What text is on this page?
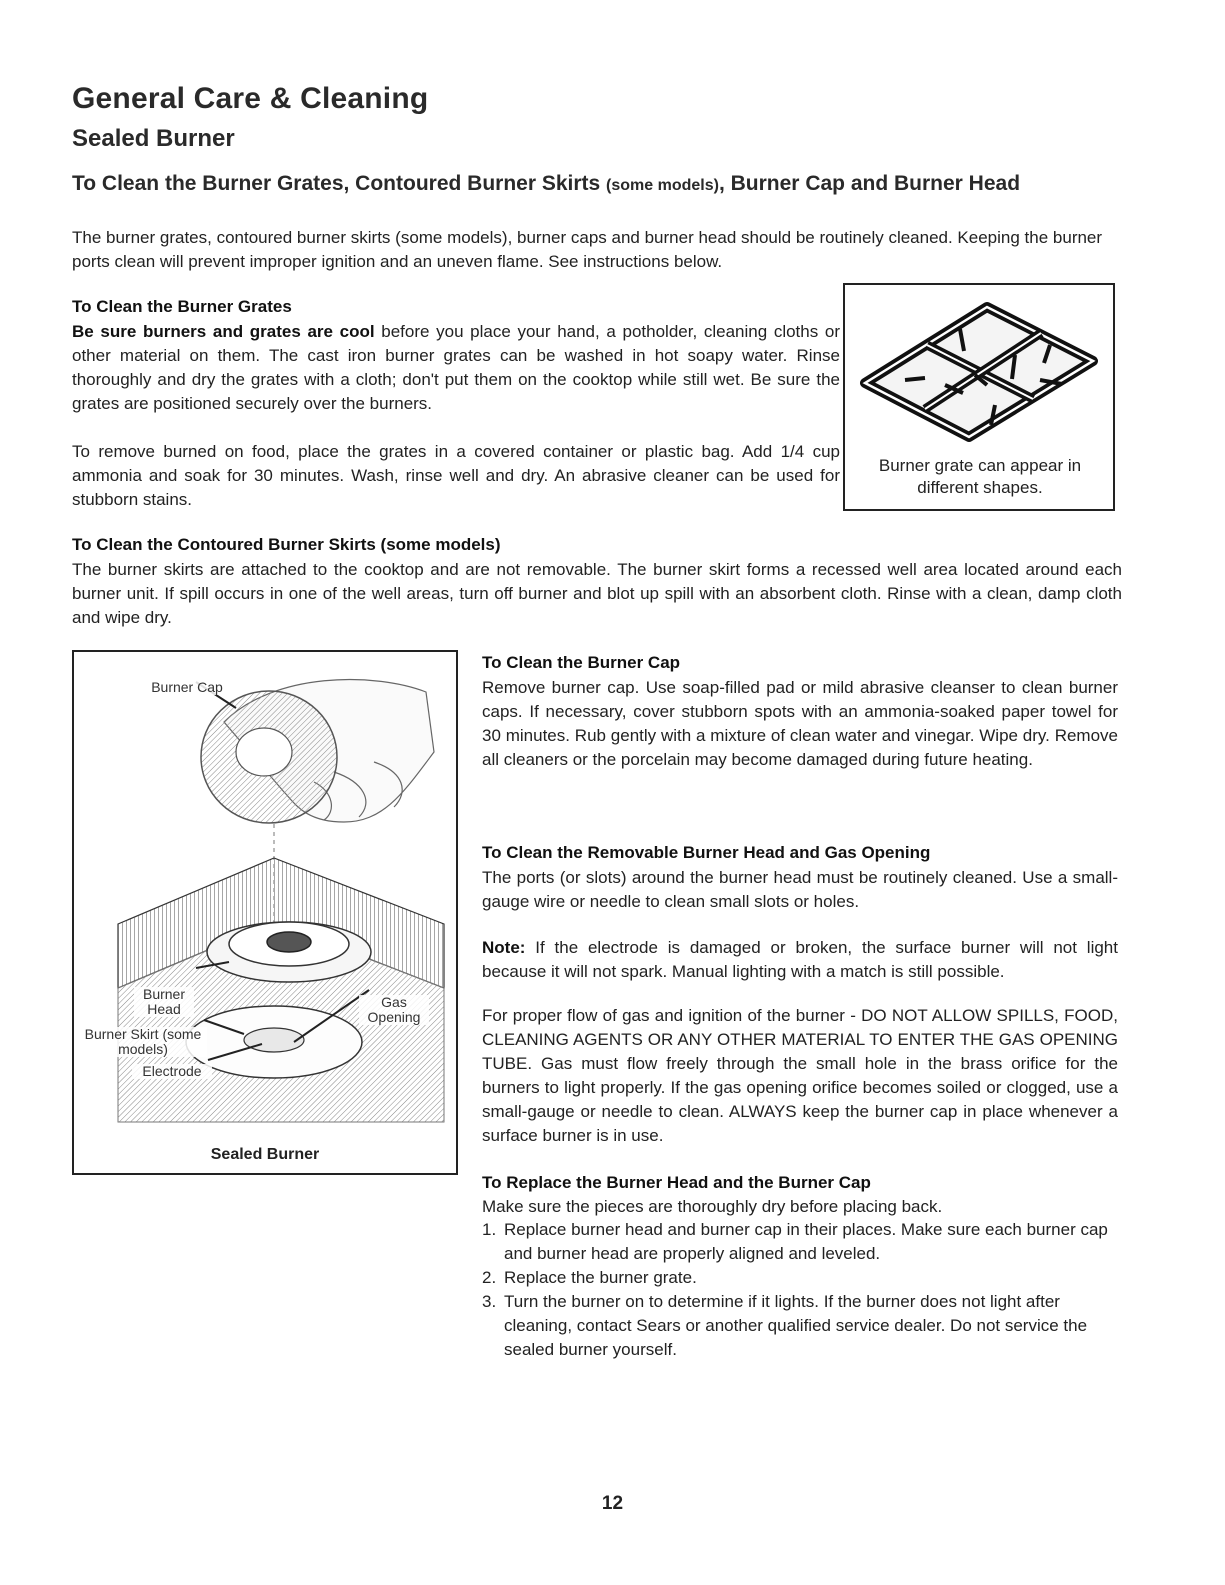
General Care & Cleaning
Sealed Burner
To Clean the Burner Grates, Contoured Burner Skirts (some models), Burner Cap and Burner Head
The burner grates, contoured burner skirts (some models), burner caps and burner head should be routinely cleaned. Keeping the burner ports clean will prevent improper ignition and an uneven flame. See instructions below.
To Clean the Burner Grates
Be sure burners and grates are cool before you place your hand, a potholder, cleaning cloths or other material on them. The cast iron burner grates can be washed in hot soapy water. Rinse thoroughly and dry the grates with a cloth; don't put them on the cooktop while still wet. Be sure the grates are positioned securely over the burners.
To remove burned on food, place the grates in a covered container or plastic bag. Add 1/4 cup ammonia and soak for 30 minutes. Wash, rinse well and dry. An abrasive cleaner can be used for stubborn stains.
Burner grate can appear in different shapes.
To Clean the Contoured Burner Skirts (some models)
The burner skirts are attached to the cooktop and are not removable. The burner skirt forms a recessed well area located around each burner unit. If spill occurs in one of the well areas, turn off burner and blot up spill with an absorbent cloth. Rinse with a clean, damp cloth and wipe dry.
Burner Cap
Burner Head	Gas Opening
Burner Skirt (some models)
Electrode
Sealed Burner
To Clean the Burner Cap
Remove burner cap. Use soap-filled pad or mild abrasive cleanser to clean burner caps. If necessary, cover stubborn spots with an ammonia-soaked paper towel for 30 minutes. Rub gently with a mixture of clean water and vinegar. Wipe dry. Remove all cleaners or the porcelain may become damaged during future heating.
To Clean the Removable Burner Head and Gas Opening
The ports (or slots) around the burner head must be routinely cleaned. Use a small-gauge wire or needle to clean small slots or holes.
Note: If the electrode is damaged or broken, the surface burner will not light because it will not spark. Manual lighting with a match is still possible.
For proper flow of gas and ignition of the burner - DO NOT ALLOW SPILLS, FOOD, CLEANING AGENTS OR ANY OTHER MATERIAL TO ENTER THE GAS OPENING TUBE. Gas must flow freely through the small hole in the brass orifice for the burners to light properly. If the gas opening orifice becomes soiled or clogged, use a small-gauge or needle to clean. ALWAYS keep the burner cap in place whenever a surface burner is in use.
To Replace the Burner Head and the Burner Cap
Make sure the pieces are thoroughly dry before placing back.
1. Replace burner head and burner cap in their places. Make sure each burner cap and burner head are properly aligned and leveled.
2. Replace the burner grate.
3. Turn the burner on to determine if it lights. If the burner does not light after cleaning, contact Sears or another qualified service dealer. Do not service the sealed burner yourself.
12
